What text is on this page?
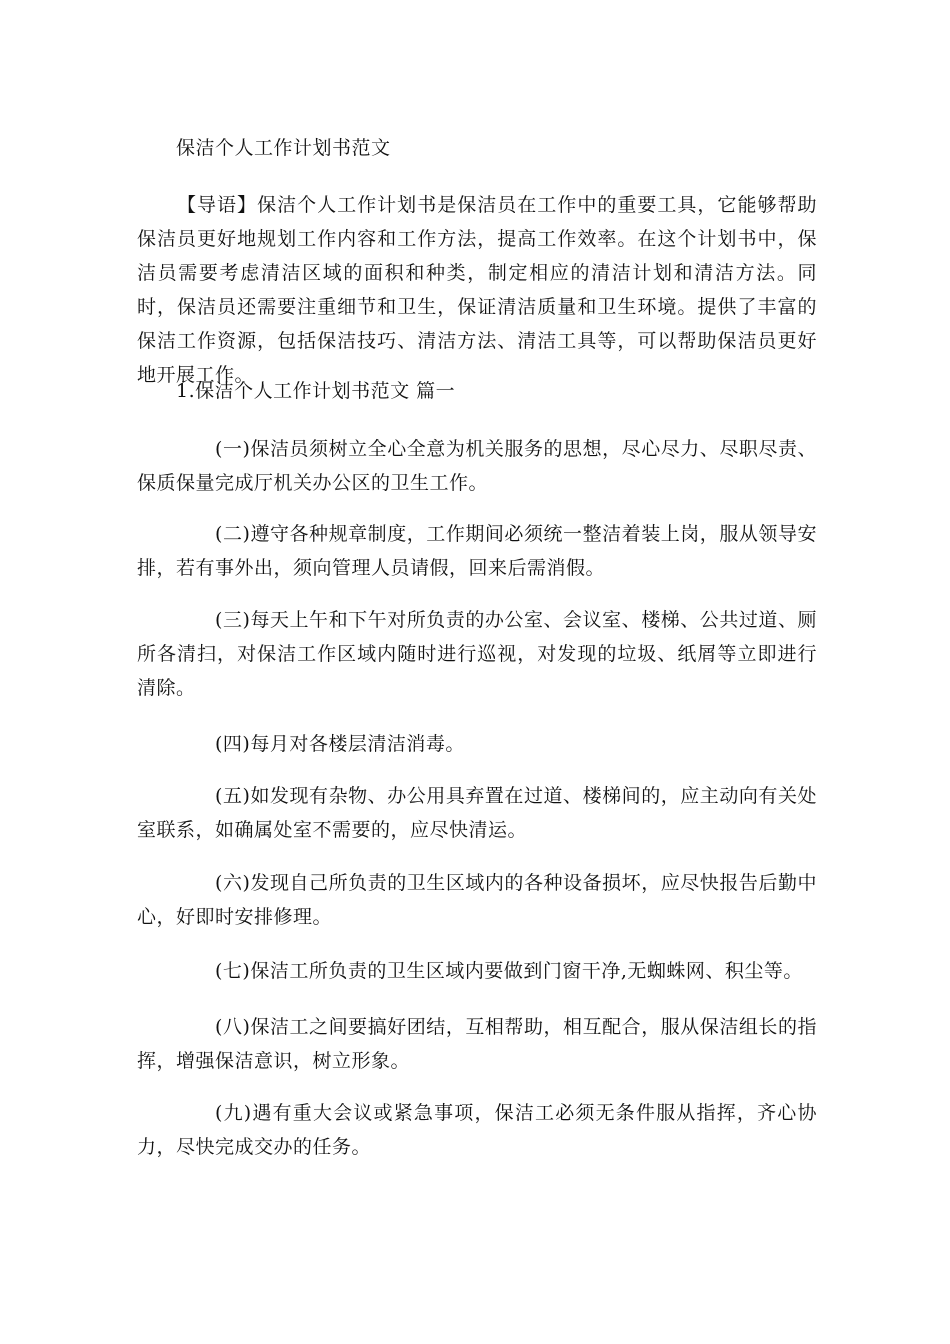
保洁个人工作计划书范文

【导语】保洁个人工作计划书是保洁员在工作中的重要工具，它能够帮助保洁员更好地规划工作内容和工作方法，提高工作效率。在这个计划书中，保洁员需要考虑清洁区域的面积和种类，制定相应的清洁计划和清洁方法。同时，保洁员还需要注重细节和卫生，保证清洁质量和卫生环境。提供了丰富的保洁工作资源，包括保洁技巧、清洁方法、清洁工具等，可以帮助保洁员更好地开展工作。

1.保洁个人工作计划书范文 篇一

(一)保洁员须树立全心全意为机关服务的思想，尽心尽力、尽职尽责、保质保量完成厅机关办公区的卫生工作。

(二)遵守各种规章制度，工作期间必须统一整洁着装上岗，服从领导安排，若有事外出，须向管理人员请假，回来后需消假。

(三)每天上午和下午对所负责的办公室、会议室、楼梯、公共过道、厕所各清扫，对保洁工作区域内随时进行巡视，对发现的垃圾、纸屑等立即进行清除。

(四)每月对各楼层清洁消毒。

(五)如发现有杂物、办公用具弃置在过道、楼梯间的，应主动向有关处室联系，如确属处室不需要的，应尽快清运。

(六)发现自己所负责的卫生区域内的各种设备损坏，应尽快报告后勤中心，好即时安排修理。

(七)保洁工所负责的卫生区域内要做到门窗干净,无蜘蛛网、积尘等。

(八)保洁工之间要搞好团结，互相帮助，相互配合，服从保洁组长的指挥，增强保洁意识，树立形象。

(九)遇有重大会议或紧急事项，保洁工必须无条件服从指挥，齐心协力，尽快完成交办的任务。
